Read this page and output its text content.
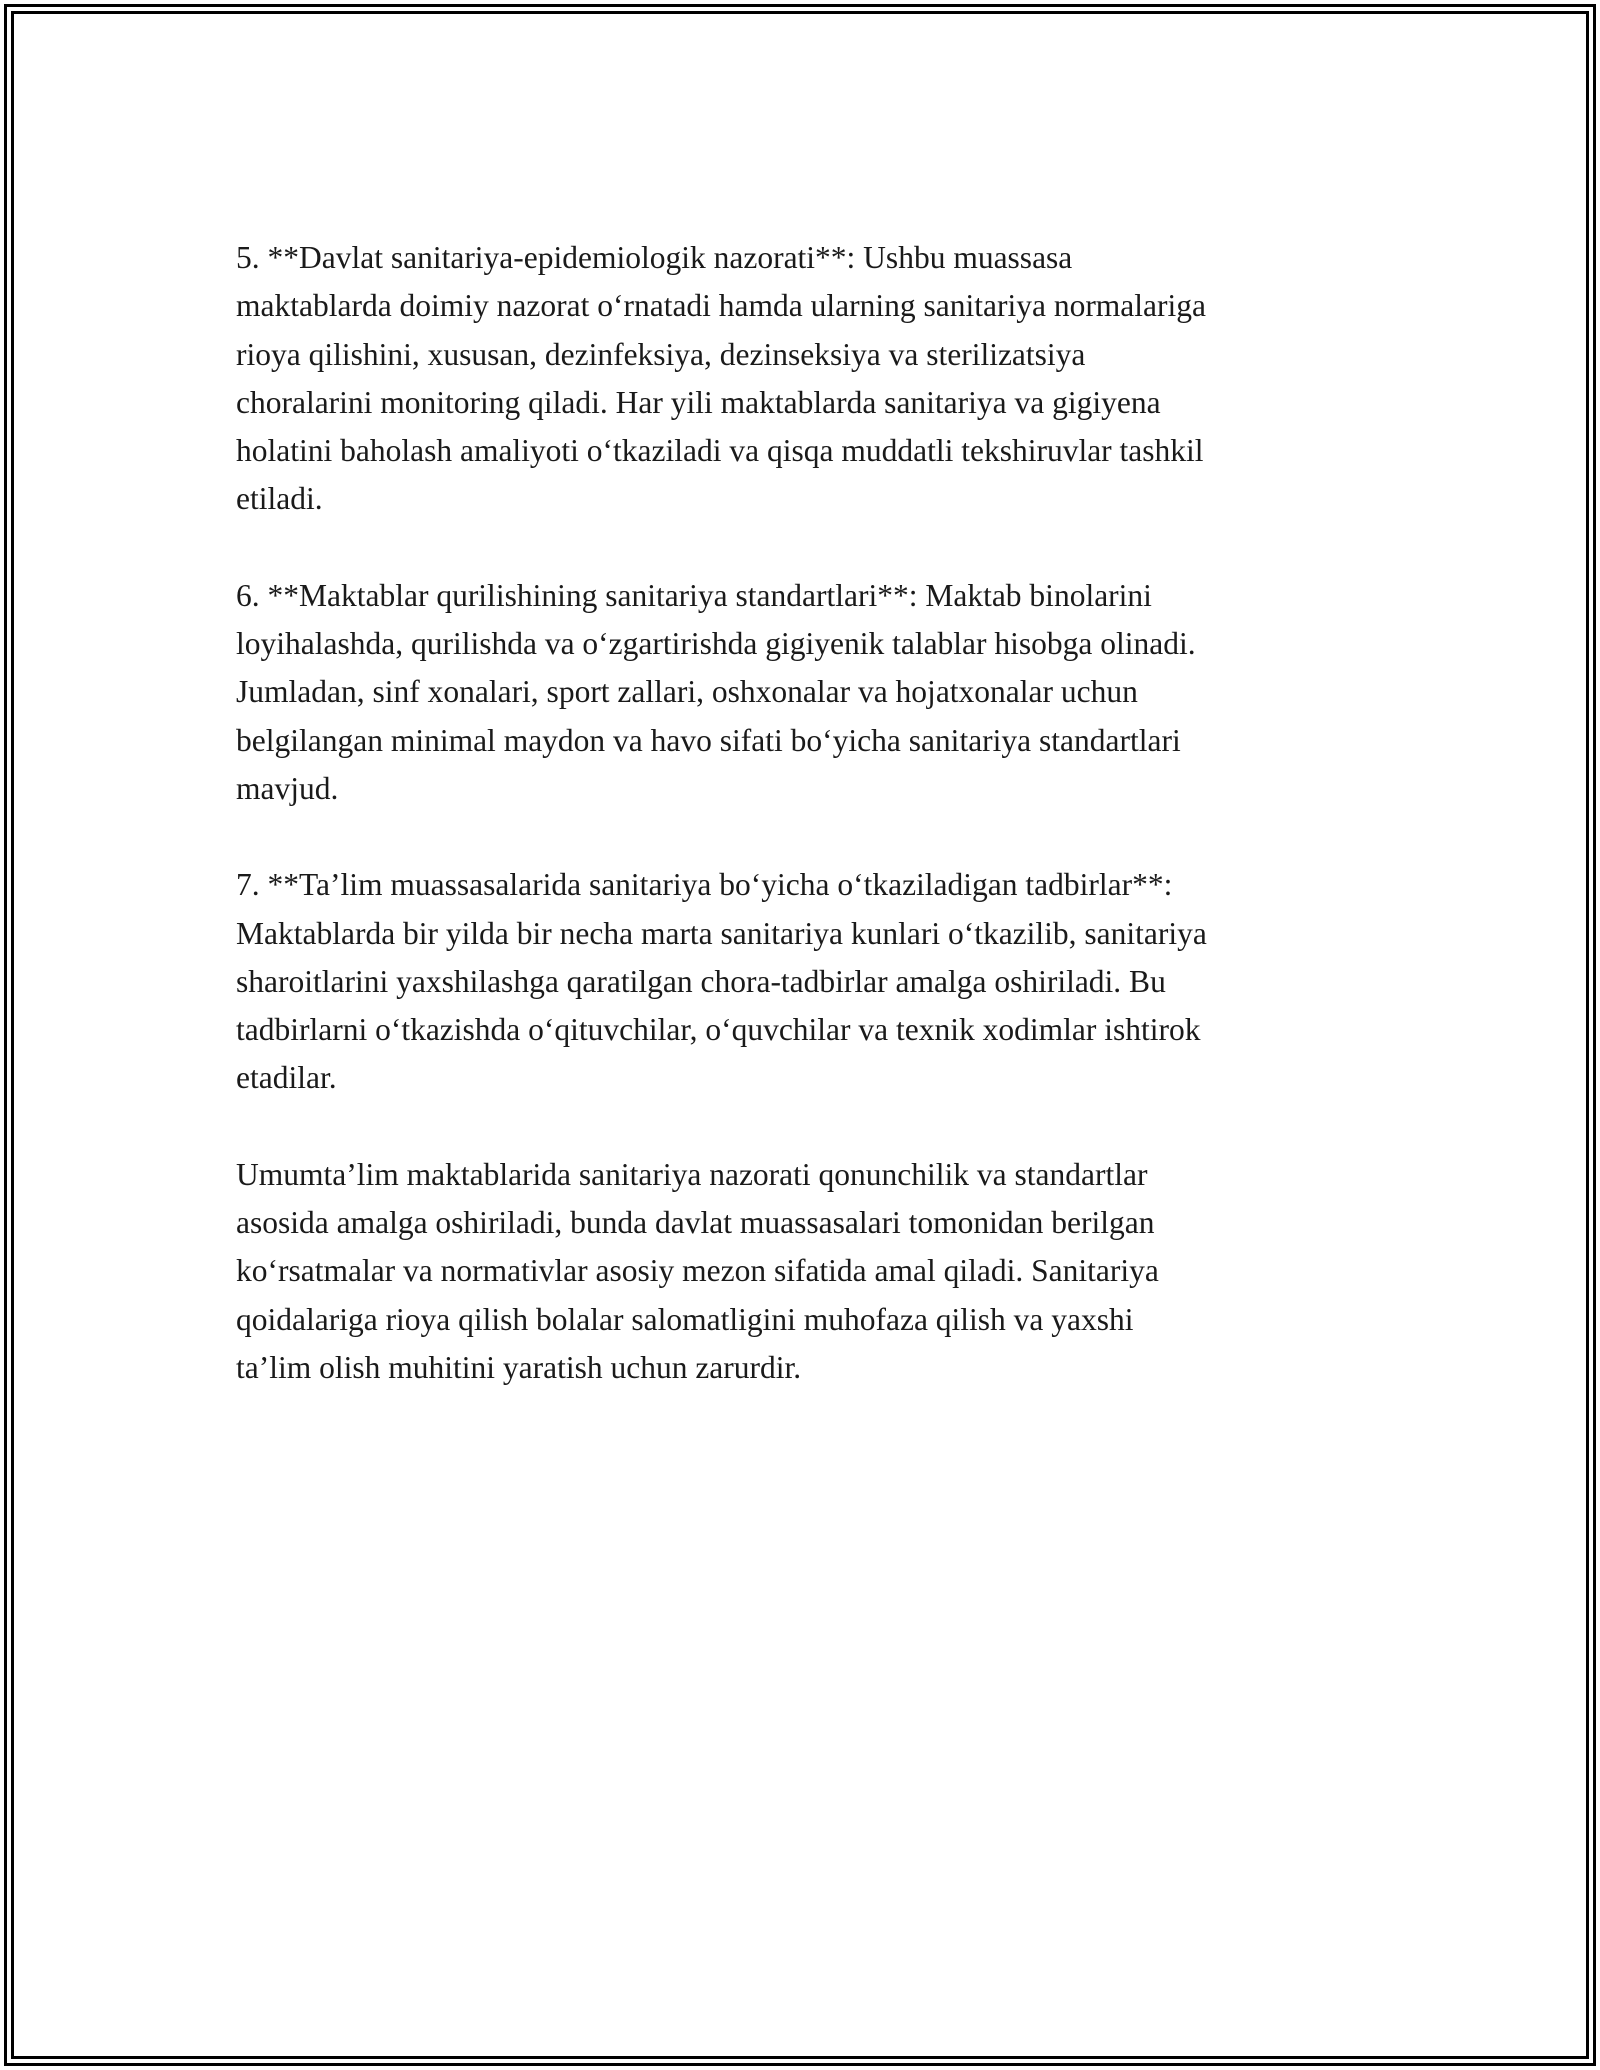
5. **Davlat sanitariya-epidemiologik nazorati**: Ushbu muassasa
maktablarda doimiy nazorat o‘rnatadi hamda ularning sanitariya normalariga
rioya qilishini, xususan, dezinfeksiya, dezinseksiya va sterilizatsiya
choralarini monitoring qiladi. Har yili maktablarda sanitariya va gigiyena
holatini baholash amaliyoti o‘tkaziladi va qisqa muddatli tekshiruvlar tashkil
etiladi.

6. **Maktablar qurilishining sanitariya standartlari**: Maktab binolarini
loyihalashda, qurilishda va o‘zgartirishda gigiyenik talablar hisobga olinadi.
Jumladan, sinf xonalari, sport zallari, oshxonalar va hojatxonalar uchun
belgilangan minimal maydon va havo sifati bo‘yicha sanitariya standartlari
mavjud.

7. **Ta’lim muassasalarida sanitariya bo‘yicha o‘tkaziladigan tadbirlar**:
Maktablarda bir yilda bir necha marta sanitariya kunlari o‘tkazilib, sanitariya
sharoitlarini yaxshilashga qaratilgan chora-tadbirlar amalga oshiriladi. Bu
tadbirlarni o‘tkazishda o‘qituvchilar, o‘quvchilar va texnik xodimlar ishtirok
etadilar.

Umumta’lim maktablarida sanitariya nazorati qonunchilik va standartlar
asosida amalga oshiriladi, bunda davlat muassasalari tomonidan berilgan
ko‘rsatmalar va normativlar asosiy mezon sifatida amal qiladi. Sanitariya
qoidalariga rioya qilish bolalar salomatligini muhofaza qilish va yaxshi
ta’lim olish muhitini yaratish uchun zarurdir.
